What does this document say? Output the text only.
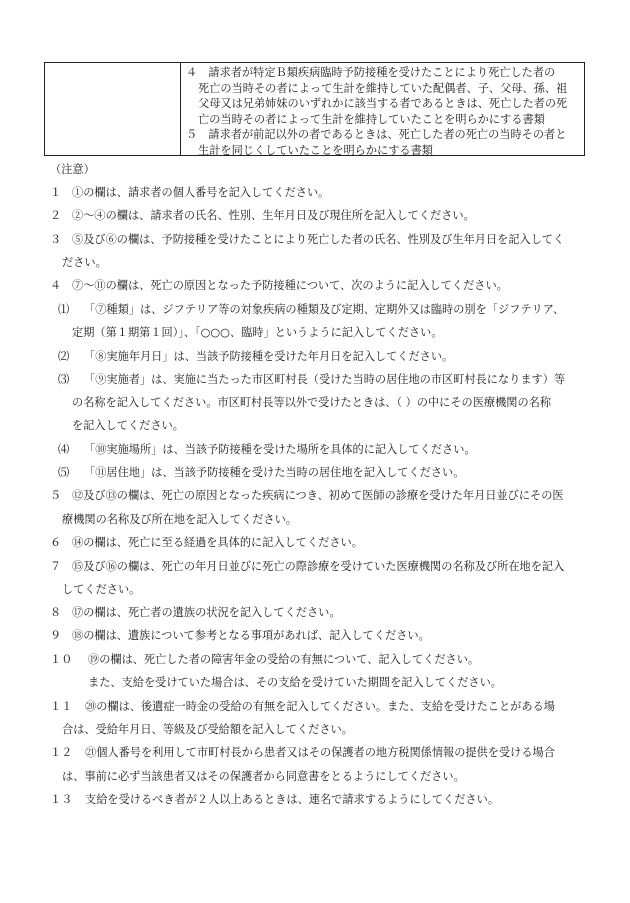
４　請求者が特定Ｂ類疾病臨時予防接種を受けたことにより死亡した者の
死亡の当時その者によって生計を維持していた配偶者、子、父母、孫、祖
父母又は兄弟姉妹のいずれかに該当する者であるときは、死亡した者の死
亡の当時その者によって生計を維持していたことを明らかにする書類
５　請求者が前記以外の者であるときは、死亡した者の死亡の当時その者と
生計を同じくしていたことを明らかにする書類
（注意）
１ ①の欄は、請求者の個人番号を記入してください。
２ ②～④の欄は、請求者の氏名、性別、生年月日及び現住所を記入してください。
３ ⑤及び⑥の欄は、予防接種を受けたことにより死亡した者の氏名、性別及び生年月日を記入してく
ださい。
４ ⑦～⑪の欄は、死亡の原因となった予防接種について、次のように記入してください。
⑴ 「⑦種類」は、ジフテリア等の対象疾病の種類及び定期、定期外又は臨時の別を「ジフテリア、
定期（第１期第１回）」、「○○○、臨時」というように記入してください。
⑵ 「⑧実施年月日」は、当該予防接種を受けた年月日を記入してください。
⑶ 「⑨実施者」は、実施に当たった市区町村長（受けた当時の居住地の市区町村長になります）等
の名称を記入してください。市区町村長等以外で受けたときは、（ ）の中にその医療機関の名称
を記入してください。
⑷ 「⑩実施場所」は、当該予防接種を受けた場所を具体的に記入してください。
⑸ 「⑪居住地」は、当該予防接種を受けた当時の居住地を記入してください。
５ ⑫及び⑬の欄は、死亡の原因となった疾病につき、初めて医師の診療を受けた年月日並びにその医
療機関の名称及び所在地を記入してください。
６ ⑭の欄は、死亡に至る経過を具体的に記入してください。
７ ⑮及び⑯の欄は、死亡の年月日並びに死亡の際診療を受けていた医療機関の名称及び所在地を記入
してください。
８ ⑰の欄は、死亡者の遺族の状況を記入してください。
９ ⑱の欄は、遺族について参考となる事項があれば、記入してください。
１０ ⑲の欄は、死亡した者の障害年金の受給の有無について、記入してください。
また、支給を受けていた場合は、その支給を受けていた期間を記入してください。
１１ ⑳の欄は、後遺症一時金の受給の有無を記入してください。また、支給を受けたことがある場
合は、受給年月日、等級及び受給額を記入してください。
１２ ㉑個人番号を利用して市町村長から患者又はその保護者の地方税関係情報の提供を受ける場合
は、事前に必ず当該患者又はその保護者から同意書をとるようにしてください。
１３ 支給を受けるべき者が２人以上あるときは、連名で請求するようにしてください。
